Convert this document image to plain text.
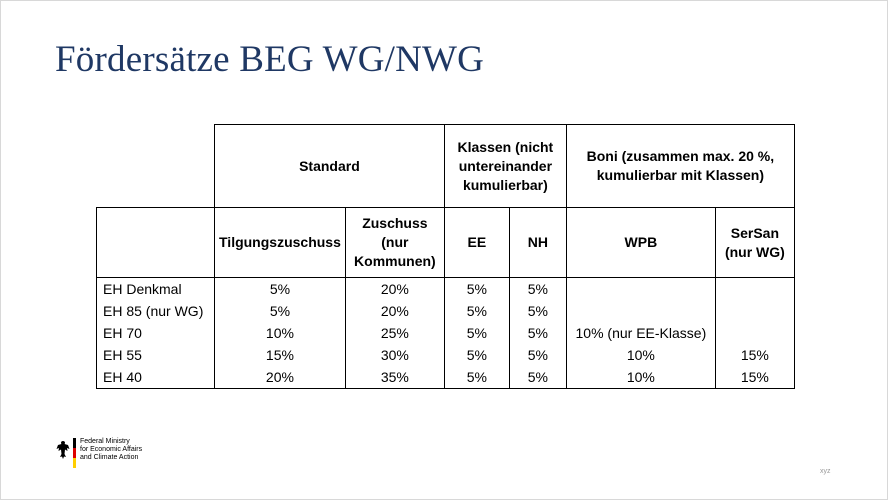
Fördersätze BEG WG/NWG
	Standard		Klassen (nicht untereinander kumulierbar)		Boni (zusammen max. 20 %, kumulierbar mit Klassen)	
	Tilgungszuschuss	Zuschuss (nur Kommunen)	EE	NH	WPB	SerSan (nur WG)
EH Denkmal	5%	20%	5%	5%		
EH 85 (nur WG)	5%	20%	5%	5%		
EH 70	10%	25%	5%	5%	10% (nur EE-Klasse)	
EH 55	15%	30%	5%	5%	10%	15%
EH 40	20%	35%	5%	5%	10%	15%
Federal Ministry
for Economic Affairs
and Climate Action
xyz
